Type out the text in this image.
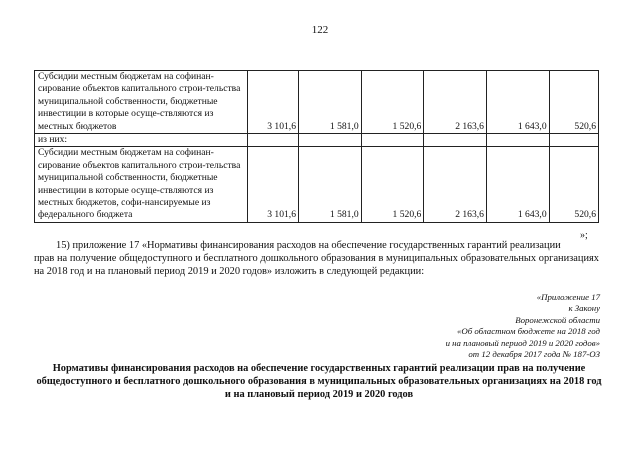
122
Субсидии местным бюджетам на софинан-сирование объектов капитального строи-тельства муниципальной собственности, бюджетные инвестиции в которые осуще-ствляются из местных бюджетов	3 101,6	1 581,0	1 520,6	2 163,6	1 643,0	520,6
из них:						
Субсидии местным бюджетам на софинан-сирование объектов капитального строи-тельства муниципальной собственности, бюджетные инвестиции в которые осуще-ствляются из местных бюджетов, софи-нансируемые из федерального бюджета	3 101,6	1 581,0	1 520,6	2 163,6	1 643,0	520,6
»;
15) приложение 17 «Нормативы финансирования расходов на обеспечение государственных гарантий реализации
прав на получение общедоступного и бесплатного дошкольного образования в муниципальных образовательных организациях на 2018 год и на плановый период 2019 и 2020 годов» изложить в следующей редакции:
«Приложение 17
к Закону
Воронежской области
«Об областном бюджете на 2018 год
и на плановый период 2019 и 2020 годов»
от 12 декабря 2017 года № 187-ОЗ
Нормативы финансирования расходов на обеспечение государственных гарантий реализации прав на получение общедоступного и бесплатного дошкольного образования в муниципальных образовательных организациях на 2018 год и на плановый период 2019 и 2020 годов
